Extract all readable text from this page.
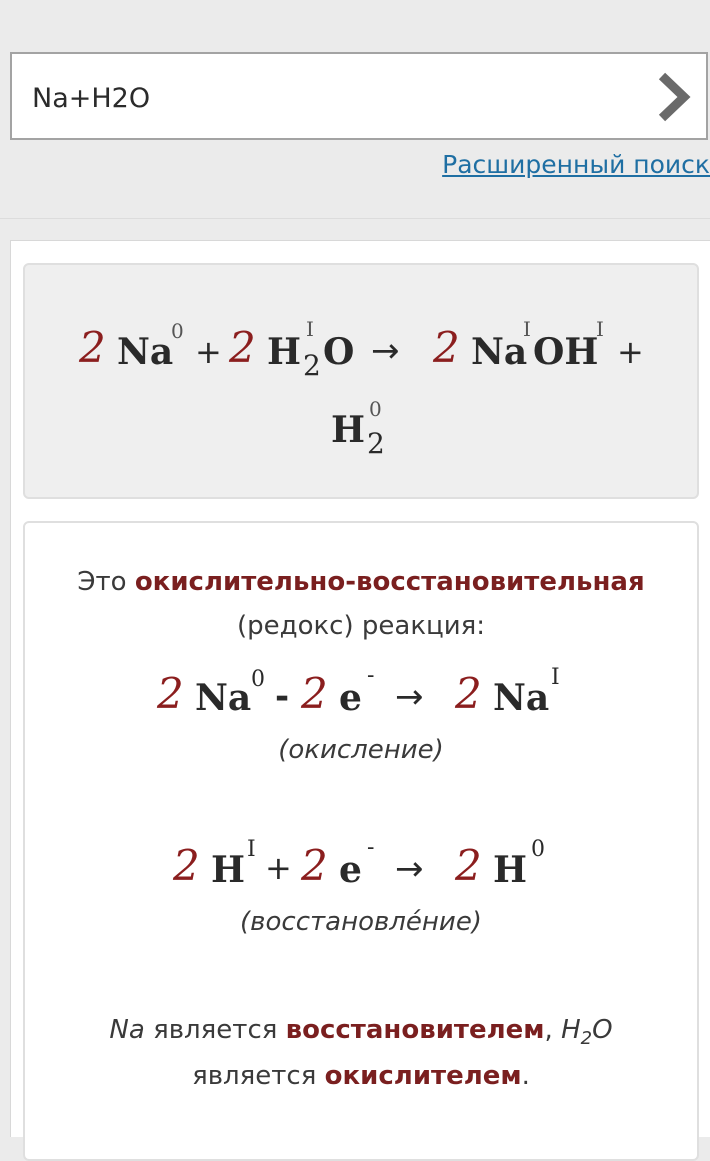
Na+H2O
Расширенный поиск
2 Na
0
+ 2 H
I
2 O → 2 Na
I
OH
I
+
H 0
2
Это окислительно-восстановительная
(редокс) реакция:
2 Na 0 - 2 e
-
→ 2 Na I
(окисление)
2 H I + 2 e
-
→ 2 H 0
(восстановле́ние)
Na является восстановителем, $H_2O$
является окислителем.
